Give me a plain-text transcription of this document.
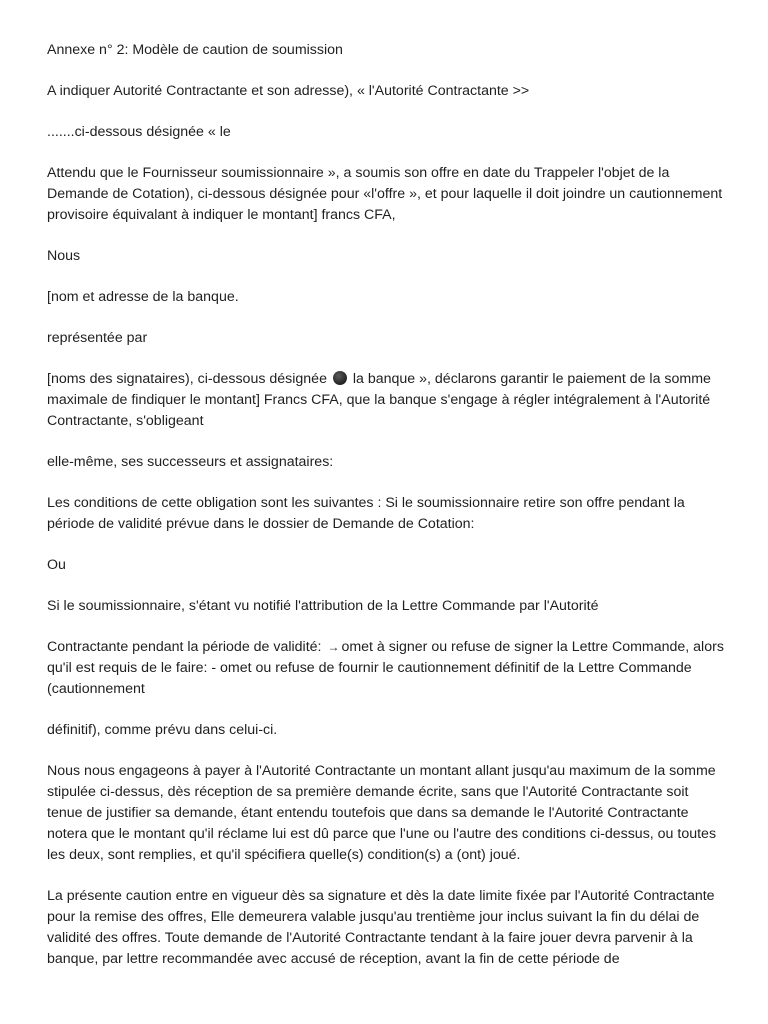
Annexe n° 2: Modèle de caution de soumission

A indiquer Autorité Contractante et son adresse), « l'Autorité Contractante >>

.......ci-dessous désignée « le

Attendu que le Fournisseur soumissionnaire », a soumis son offre en date du Trappeler l'objet de la Demande de Cotation), ci-dessous désignée pour «l'offre », et pour laquelle il doit joindre un cautionnement provisoire équivalant à indiquer le montant] francs CFA,

Nous

[nom et adresse de la banque.

représentée par

[noms des signataires), ci-dessous désignée la banque », déclarons garantir le paiement de la somme maximale de findiquer le montant] Francs CFA, que la banque s'engage à régler intégralement à l'Autorité Contractante, s'obligeant

elle-même, ses successeurs et assignataires:

Les conditions de cette obligation sont les suivantes : Si le soumissionnaire retire son offre pendant la période de validité prévue dans le dossier de Demande de Cotation:

Ou

Si le soumissionnaire, s'étant vu notifié l'attribution de la Lettre Commande par l'Autorité

Contractante pendant la période de validité: → omet à signer ou refuse de signer la Lettre Commande, alors qu'il est requis de le faire: - omet ou refuse de fournir le cautionnement définitif de la Lettre Commande (cautionnement

définitif), comme prévu dans celui-ci.

Nous nous engageons à payer à l'Autorité Contractante un montant allant jusqu'au maximum de la somme stipulée ci-dessus, dès réception de sa première demande écrite, sans que l'Autorité Contractante soit tenue de justifier sa demande, étant entendu toutefois que dans sa demande le l'Autorité Contractante notera que le montant qu'il réclame lui est dû parce que l'une ou l'autre des conditions ci-dessus, ou toutes les deux, sont remplies, et qu'il spécifiera quelle(s) condition(s) a (ont) joué.

La présente caution entre en vigueur dès sa signature et dès la date limite fixée par l'Autorité Contractante pour la remise des offres, Elle demeurera valable jusqu'au trentième jour inclus suivant la fin du délai de validité des offres. Toute demande de l'Autorité Contractante tendant à la faire jouer devra parvenir à la banque, par lettre recommandée avec accusé de réception, avant la fin de cette période de
